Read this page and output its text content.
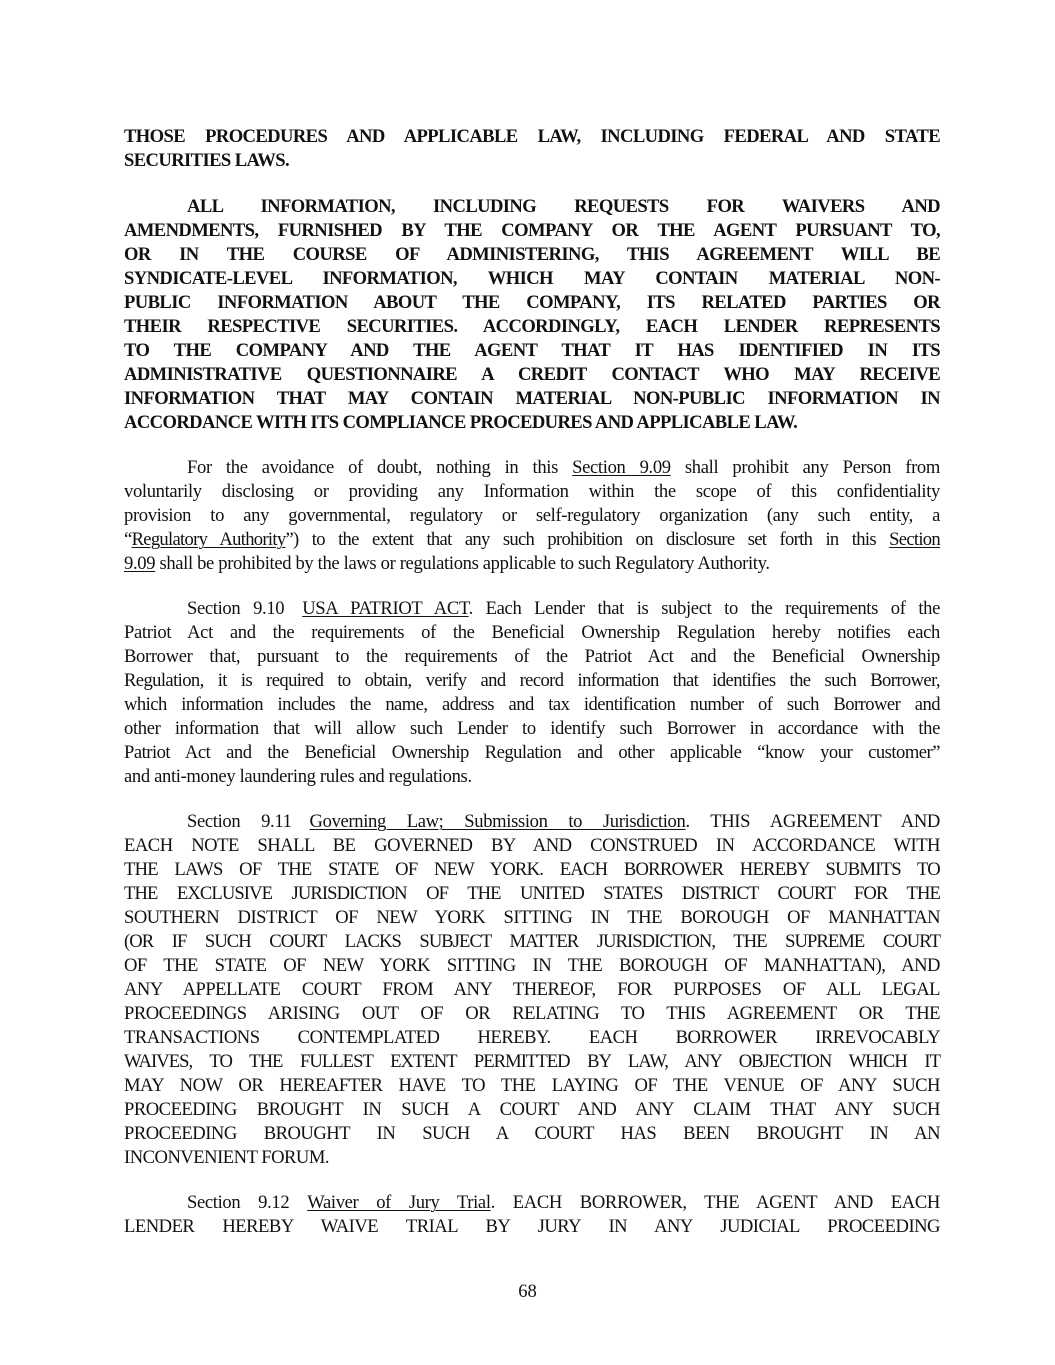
THOSE PROCEDURES AND APPLICABLE LAW, INCLUDING FEDERAL AND STATE
SECURITIES LAWS.
ALL INFORMATION, INCLUDING REQUESTS FOR WAIVERS AND
AMENDMENTS, FURNISHED BY THE COMPANY OR THE AGENT PURSUANT TO,
OR IN THE COURSE OF ADMINISTERING, THIS AGREEMENT WILL BE
SYNDICATE-LEVEL INFORMATION, WHICH MAY CONTAIN MATERIAL NON-
PUBLIC INFORMATION ABOUT THE COMPANY, ITS RELATED PARTIES OR
THEIR RESPECTIVE SECURITIES. ACCORDINGLY, EACH LENDER REPRESENTS
TO THE COMPANY AND THE AGENT THAT IT HAS IDENTIFIED IN ITS
ADMINISTRATIVE QUESTIONNAIRE A CREDIT CONTACT WHO MAY RECEIVE
INFORMATION THAT MAY CONTAIN MATERIAL NON-PUBLIC INFORMATION IN
ACCORDANCE WITH ITS COMPLIANCE PROCEDURES AND APPLICABLE LAW.
For the avoidance of doubt, nothing in this Section 9.09 shall prohibit any Person from
voluntarily disclosing or providing any Information within the scope of this confidentiality
provision to any governmental, regulatory or self-regulatory organization (any such entity, a
“Regulatory Authority”) to the extent that any such prohibition on disclosure set forth in this Section
9.09 shall be prohibited by the laws or regulations applicable to such Regulatory Authority.
Section 9.10 USA PATRIOT ACT. Each Lender that is subject to the requirements of the
Patriot Act and the requirements of the Beneficial Ownership Regulation hereby notifies each
Borrower that, pursuant to the requirements of the Patriot Act and the Beneficial Ownership
Regulation, it is required to obtain, verify and record information that identifies the such Borrower,
which information includes the name, address and tax identification number of such Borrower and
other information that will allow such Lender to identify such Borrower in accordance with the
Patriot Act and the Beneficial Ownership Regulation and other applicable “know your customer”
and anti-money laundering rules and regulations.
Section 9.11 Governing Law; Submission to Jurisdiction. THIS AGREEMENT AND
EACH NOTE SHALL BE GOVERNED BY AND CONSTRUED IN ACCORDANCE WITH
THE LAWS OF THE STATE OF NEW YORK. EACH BORROWER HEREBY SUBMITS TO
THE EXCLUSIVE JURISDICTION OF THE UNITED STATES DISTRICT COURT FOR THE
SOUTHERN DISTRICT OF NEW YORK SITTING IN THE BOROUGH OF MANHATTAN
(OR IF SUCH COURT LACKS SUBJECT MATTER JURISDICTION, THE SUPREME COURT
OF THE STATE OF NEW YORK SITTING IN THE BOROUGH OF MANHATTAN), AND
ANY APPELLATE COURT FROM ANY THEREOF, FOR PURPOSES OF ALL LEGAL
PROCEEDINGS ARISING OUT OF OR RELATING TO THIS AGREEMENT OR THE
TRANSACTIONS CONTEMPLATED HEREBY. EACH BORROWER IRREVOCABLY
WAIVES, TO THE FULLEST EXTENT PERMITTED BY LAW, ANY OBJECTION WHICH IT
MAY NOW OR HEREAFTER HAVE TO THE LAYING OF THE VENUE OF ANY SUCH
PROCEEDING BROUGHT IN SUCH A COURT AND ANY CLAIM THAT ANY SUCH
PROCEEDING BROUGHT IN SUCH A COURT HAS BEEN BROUGHT IN AN
INCONVENIENT FORUM.
Section 9.12 Waiver of Jury Trial. EACH BORROWER, THE AGENT AND EACH
LENDER HEREBY WAIVE TRIAL BY JURY IN ANY JUDICIAL PROCEEDING
68
